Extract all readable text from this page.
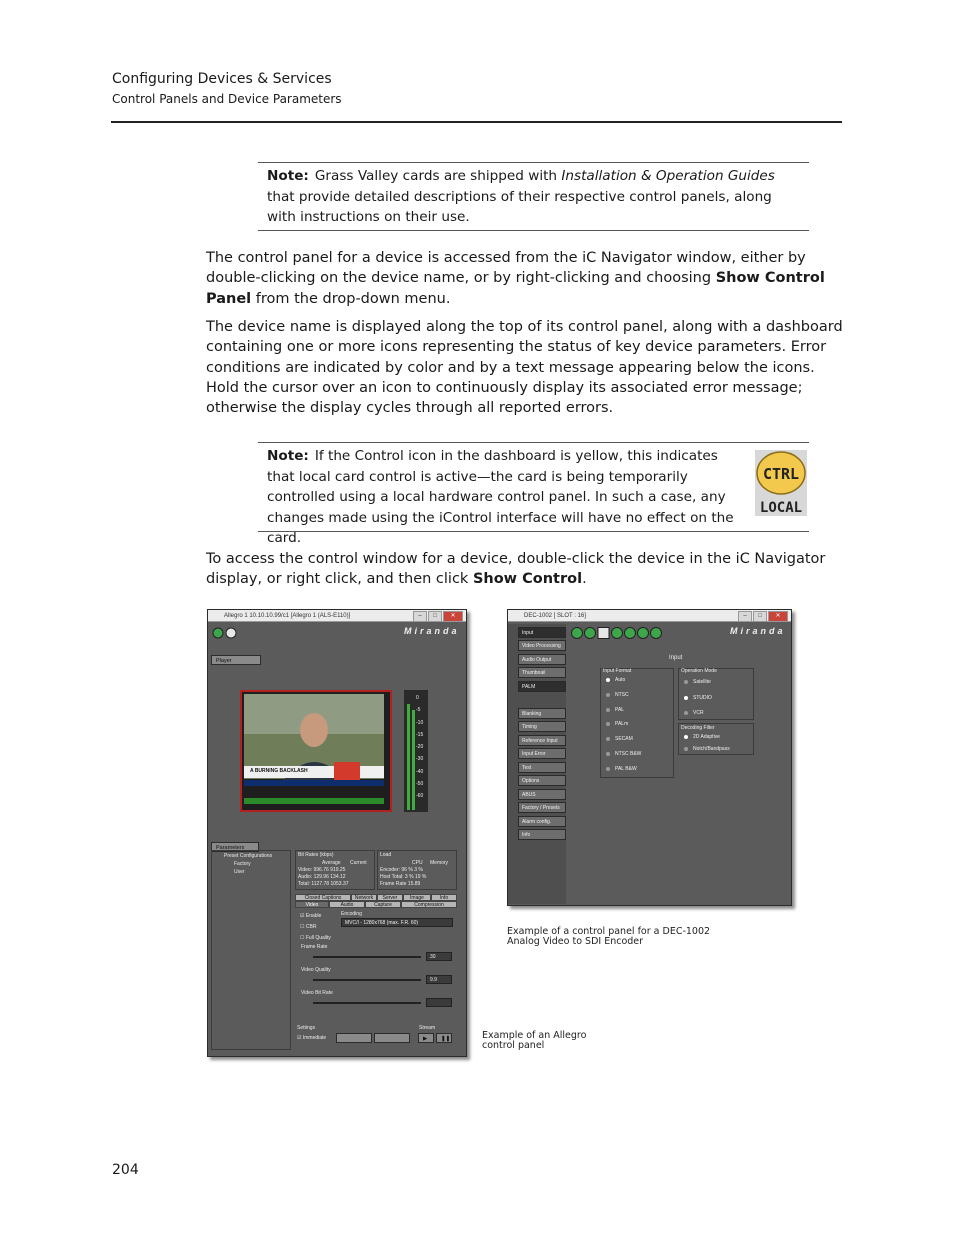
Configuring Devices & Services
Control Panels and Device Parameters
Note: Grass Valley cards are shipped with Installation & Operation Guides that provide detailed descriptions of their respective control panels, along with instructions on their use.
The control panel for a device is accessed from the iC Navigator window, either by double-clicking on the device name, or by right-clicking and choosing Show Control Panel from the drop-down menu.
The device name is displayed along the top of its control panel, along with a dashboard containing one or more icons representing the status of key device parameters. Error conditions are indicated by color and by a text message appearing below the icons. Hold the cursor over an icon to continuously display its associated error message; otherwise the display cycles through all reported errors.
Note: If the Control icon in the dashboard is yellow, this indicates that local card control is active—the card is being temporarily controlled using a local hardware control panel. In such a case, any changes made using the iControl interface will have no effect on the card.
CTRL
LOCAL
To access the control window for a device, double-click the device in the iC Navigator display, or right click, and then click Show Control.
Allegro 1 10.10.10.99/c1 [Allegro 1 (ALS-E110)]	–	□	✕
Miranda
Player
A BURNING BACKLASH
0
-5
-10
-15
-20
-30
-40
-50
-60
Parameters
Preset Configurations
Factory
User
Bit Rates (kbps)
Average Current
Video: 996.76 919.25
Audio: 129.96 134.12
Total: 1127.78 1053.37
Load
CPU Memory
Encoder: 96 % 3 %
Host Total: 3 % 19 %
Frame Rate 15.89
Closed Captions	Network	Server	Image	Info
Video	Audio	Capture	Compression
☑ Enable
☐ CBR
☐ Full Quality
Encoding
MVC/I - 1280x768 (max. F.R. 60)
Frame Rate
30
Video Quality
9.9
Video Bit Rate
Settings
☑ Immediate
Stream
▶	❚❚
DEC-1002 [ SLOT : 16]	–	□	✕
Miranda
Input
Video Processing
Audio Output
Thumbnail
PALM
Blanking
Timing
Reference Input
Input Error
Test
Options
ABUS
Factory / Presets
Alarm config.
Info
Input
Input Format
Auto
NTSC
PAL
PALm
SECAM
NTSC B&W
PAL B&W
Operation Mode
Satellite
STUDIO
VCR
Decoding Filter
2D Adaptive
Notch/Bandpass
Example of a control panel for a DEC-1002
Analog Video to SDI Encoder
Example of an Allegro
control panel
204
